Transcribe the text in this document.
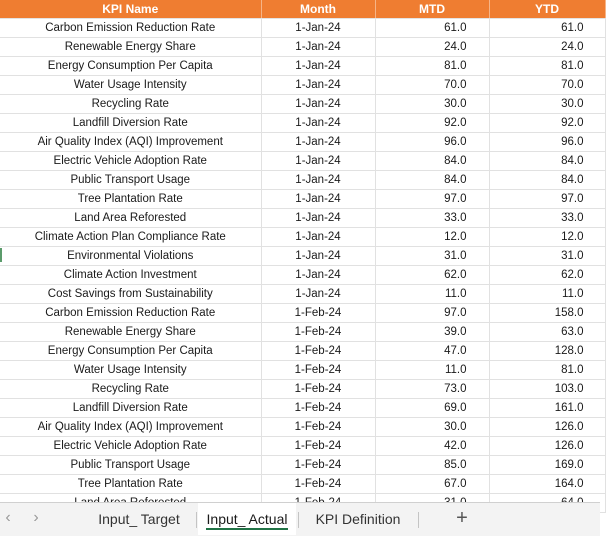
KPI Name	Month	MTD	YTD
Carbon Emission Reduction Rate	1-Jan-24	61.0	61.0
Renewable Energy Share	1-Jan-24	24.0	24.0
Energy Consumption Per Capita	1-Jan-24	81.0	81.0
Water Usage Intensity	1-Jan-24	70.0	70.0
Recycling Rate	1-Jan-24	30.0	30.0
Landfill Diversion Rate	1-Jan-24	92.0	92.0
Air Quality Index (AQI) Improvement	1-Jan-24	96.0	96.0
Electric Vehicle Adoption Rate	1-Jan-24	84.0	84.0
Public Transport Usage	1-Jan-24	84.0	84.0
Tree Plantation Rate	1-Jan-24	97.0	97.0
Land Area Reforested	1-Jan-24	33.0	33.0
Climate Action Plan Compliance Rate	1-Jan-24	12.0	12.0
Environmental Violations	1-Jan-24	31.0	31.0
Climate Action Investment	1-Jan-24	62.0	62.0
Cost Savings from Sustainability	1-Jan-24	11.0	11.0
Carbon Emission Reduction Rate	1-Feb-24	97.0	158.0
Renewable Energy Share	1-Feb-24	39.0	63.0
Energy Consumption Per Capita	1-Feb-24	47.0	128.0
Water Usage Intensity	1-Feb-24	11.0	81.0
Recycling Rate	1-Feb-24	73.0	103.0
Landfill Diversion Rate	1-Feb-24	69.0	161.0
Air Quality Index (AQI) Improvement	1-Feb-24	30.0	126.0
Electric Vehicle Adoption Rate	1-Feb-24	42.0	126.0
Public Transport Usage	1-Feb-24	85.0	169.0
Tree Plantation Rate	1-Feb-24	67.0	164.0

‹	›	Input_ Target	Input_ Actual	KPI Definition	+
